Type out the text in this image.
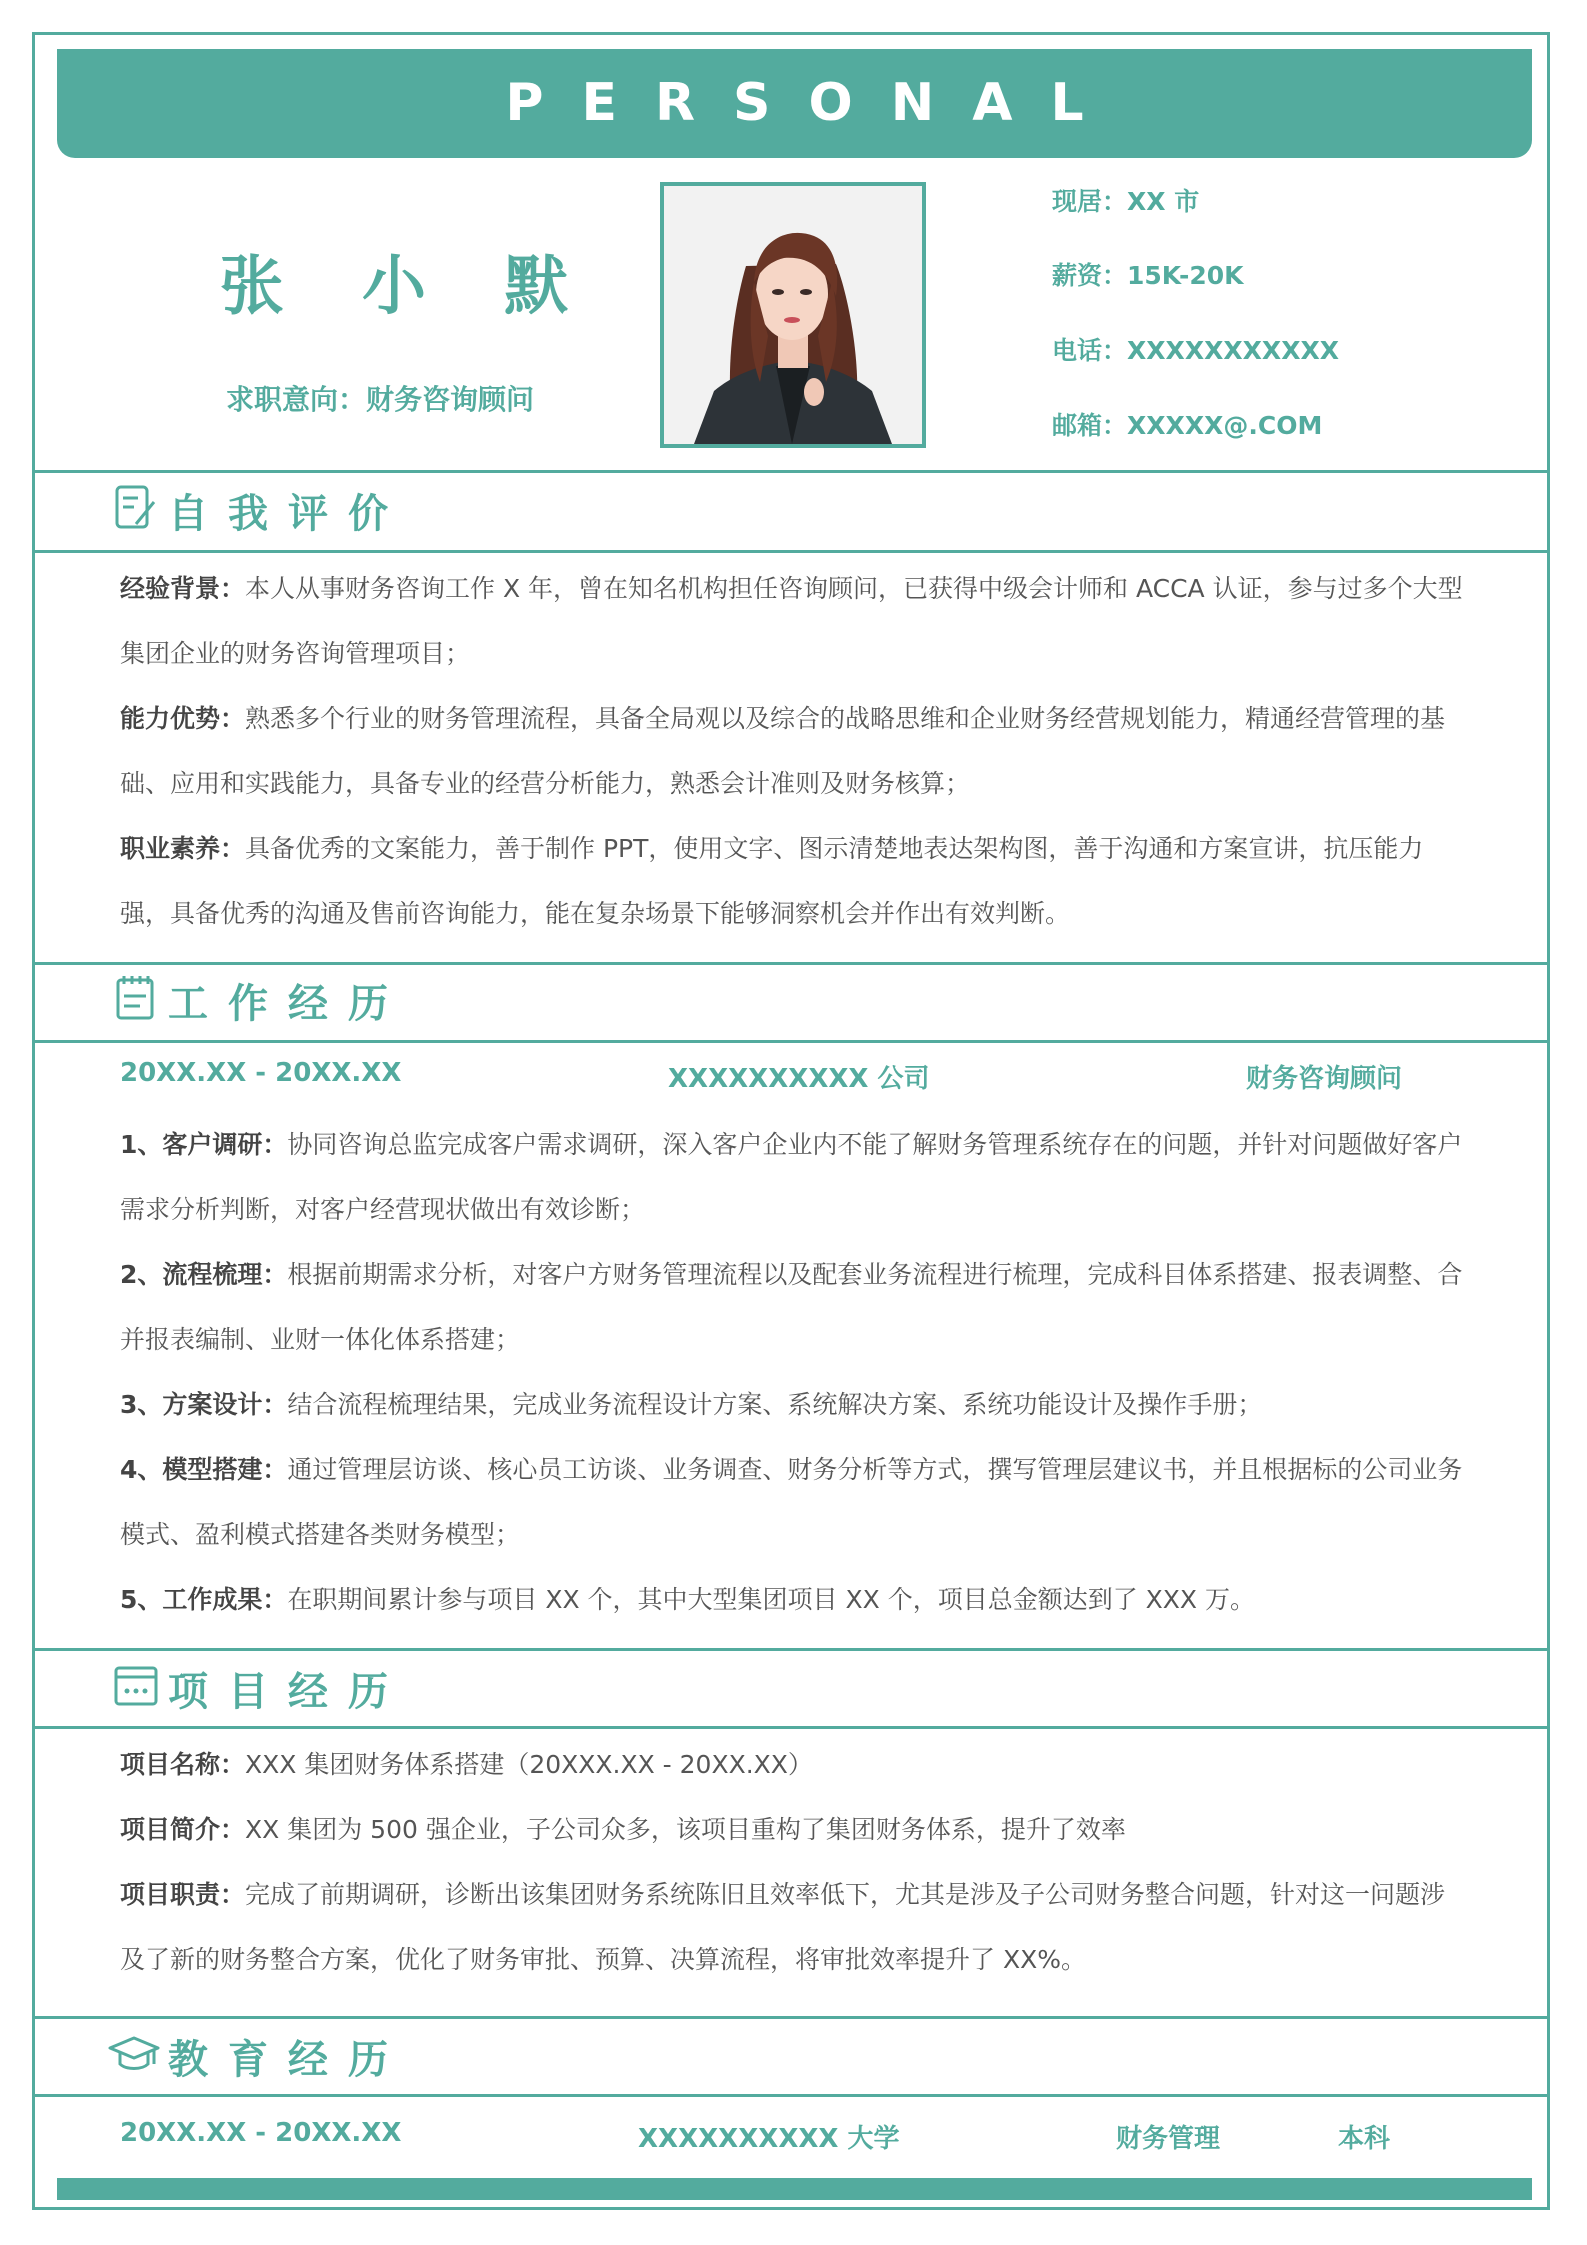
PERSONAL
张 小 默
求职意向：财务咨询顾问
现居：XX 市
薪资：15K-20K
电话：XXXXXXXXXXX
邮箱：XXXXX@.COM
自我评价
经验背景：本人从事财务咨询工作 X 年，曾在知名机构担任咨询顾问，已获得中级会计师和 ACCA 认证，参与过多个大型集团企业的财务咨询管理项目；
能力优势：熟悉多个行业的财务管理流程，具备全局观以及综合的战略思维和企业财务经营规划能力，精通经营管理的基础、应用和实践能力，具备专业的经营分析能力，熟悉会计准则及财务核算；
职业素养：具备优秀的文案能力，善于制作 PPT，使用文字、图示清楚地表达架构图，善于沟通和方案宣讲，抗压能力强，具备优秀的沟通及售前咨询能力，能在复杂场景下能够洞察机会并作出有效判断。
工作经历
20XX.XX - 20XX.XX	XXXXXXXXXX 公司	财务咨询顾问
1、客户调研：协同咨询总监完成客户需求调研，深入客户企业内不能了解财务管理系统存在的问题，并针对问题做好客户需求分析判断，对客户经营现状做出有效诊断；
2、流程梳理：根据前期需求分析，对客户方财务管理流程以及配套业务流程进行梳理，完成科目体系搭建、报表调整、合并报表编制、业财一体化体系搭建；
3、方案设计：结合流程梳理结果，完成业务流程设计方案、系统解决方案、系统功能设计及操作手册；
4、模型搭建：通过管理层访谈、核心员工访谈、业务调查、财务分析等方式，撰写管理层建议书，并且根据标的公司业务模式、盈利模式搭建各类财务模型；
5、工作成果：在职期间累计参与项目 XX 个，其中大型集团项目 XX 个，项目总金额达到了 XXX 万。
项目经历
项目名称：XXX 集团财务体系搭建（20XXX.XX - 20XX.XX）
项目简介：XX 集团为 500 强企业，子公司众多，该项目重构了集团财务体系，提升了效率
项目职责：完成了前期调研，诊断出该集团财务系统陈旧且效率低下，尤其是涉及子公司财务整合问题，针对这一问题涉及了新的财务整合方案，优化了财务审批、预算、决算流程，将审批效率提升了 XX%。
教育经历
20XX.XX - 20XX.XX	XXXXXXXXXX 大学	财务管理	本科
